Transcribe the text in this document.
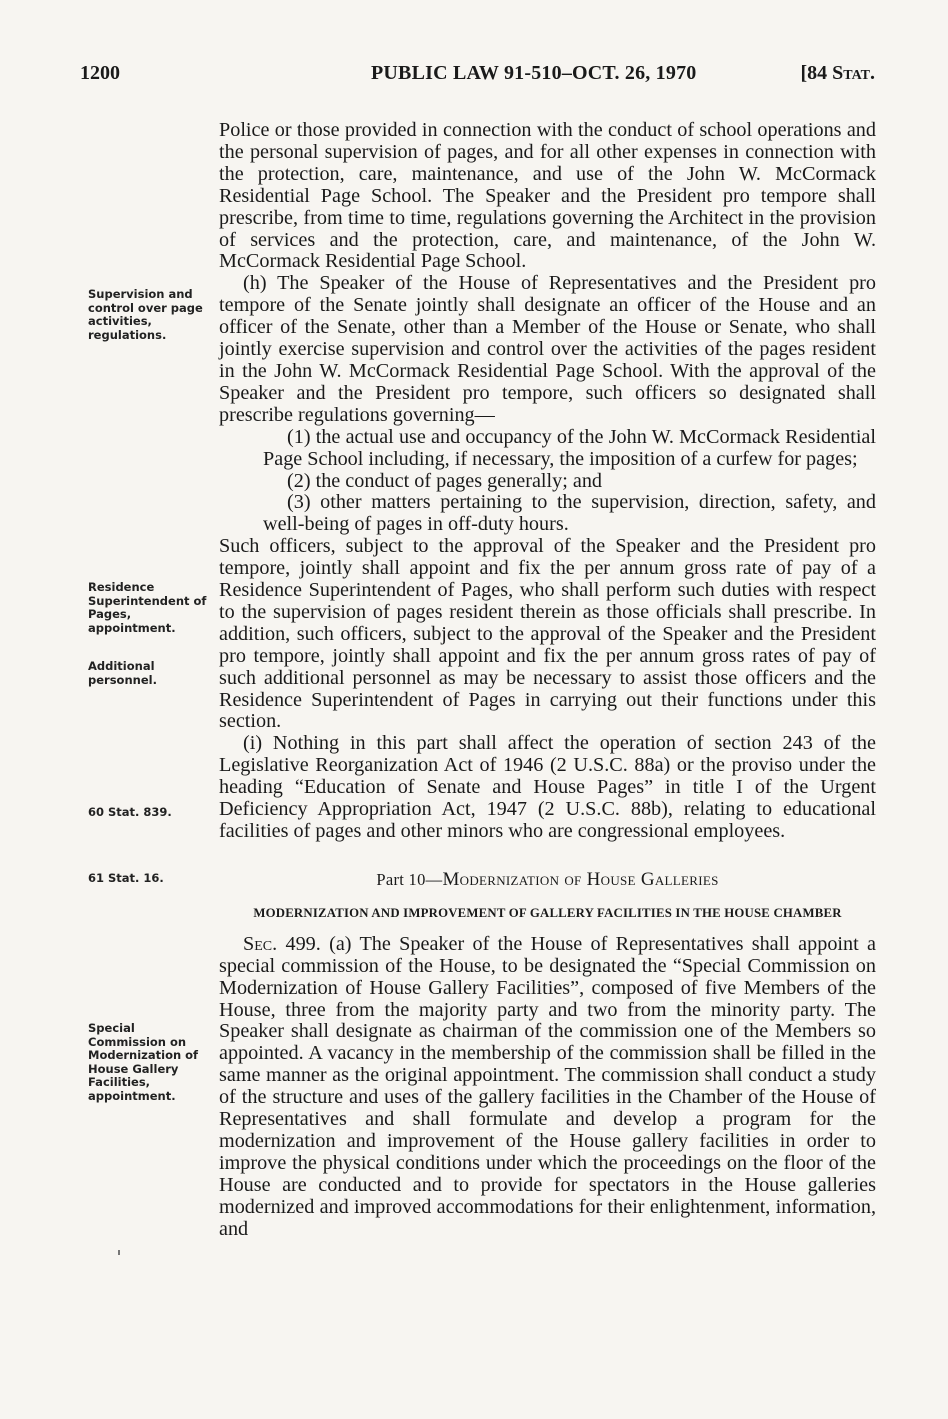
1200	PUBLIC LAW 91-510–OCT. 26, 1970	[84 Stat.
Supervision and control over page activities, regulations.
Residence Superintendent of Pages, appointment.
Additional personnel.
60 Stat. 839.
61 Stat. 16.
Special Commission on Modernization of House Gallery Facilities, appointment.

Police or those provided in connection with the conduct of school operations and the personal supervision of pages, and for all other expenses in connection with the protection, care, maintenance, and use of the John W. McCormack Residential Page School. The Speaker and the President pro tempore shall prescribe, from time to time, regulations governing the Architect in the provision of services and the protection, care, and maintenance, of the John W. McCormack Residential Page School.

(h) The Speaker of the House of Representatives and the President pro tempore of the Senate jointly shall designate an officer of the House and an officer of the Senate, other than a Member of the House or Senate, who shall jointly exercise supervision and control over the activities of the pages resident in the John W. McCormack Residential Page School. With the approval of the Speaker and the President pro tempore, such officers so designated shall prescribe regulations governing—

(1) the actual use and occupancy of the John W. McCormack Residential Page School including, if necessary, the imposition of a curfew for pages;

(2) the conduct of pages generally; and

(3) other matters pertaining to the supervision, direction, safety, and well-being of pages in off-duty hours.

Such officers, subject to the approval of the Speaker and the President pro tempore, jointly shall appoint and fix the per annum gross rate of pay of a Residence Superintendent of Pages, who shall perform such duties with respect to the supervision of pages resident therein as those officials shall prescribe. In addition, such officers, subject to the approval of the Speaker and the President pro tempore, jointly shall appoint and fix the per annum gross rates of pay of such additional personnel as may be necessary to assist those officers and the Residence Superintendent of Pages in carrying out their functions under this section.

(i) Nothing in this part shall affect the operation of section 243 of the Legislative Reorganization Act of 1946 (2 U.S.C. 88a) or the proviso under the heading “Education of Senate and House Pages” in title I of the Urgent Deficiency Appropriation Act, 1947 (2 U.S.C. 88b), relating to educational facilities of pages and other minors who are congressional employees.

Part 10—Modernization of House Galleries
MODERNIZATION AND IMPROVEMENT OF GALLERY FACILITIES IN THE HOUSE CHAMBER

Sec. 499. (a) The Speaker of the House of Representatives shall appoint a special commission of the House, to be designated the “Special Commission on Modernization of House Gallery Facilities”, composed of five Members of the House, three from the majority party and two from the minority party. The Speaker shall designate as chairman of the commission one of the Members so appointed. A vacancy in the membership of the commission shall be filled in the same manner as the original appointment. The commission shall conduct a study of the structure and uses of the gallery facilities in the Chamber of the House of Representatives and shall formulate and develop a program for the modernization and improvement of the House gallery facilities in order to improve the physical conditions under which the proceedings on the floor of the House are conducted and to provide for spectators in the House galleries modernized and improved accommodations for their enlightenment, information, and
